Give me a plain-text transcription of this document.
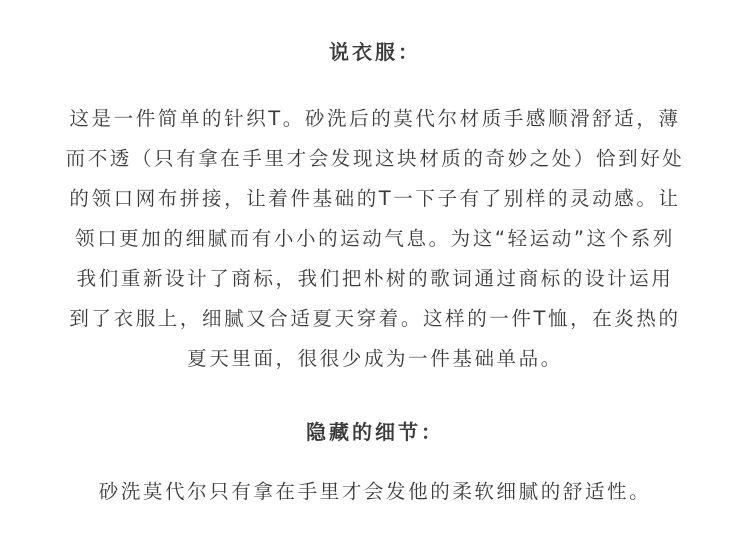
说衣服：
这是一件简单的针织T。砂洗后的莫代尔材质手感顺滑舒适，薄
而不透（只有拿在手里才会发现这块材质的奇妙之处）恰到好处
的领口网布拼接，让着件基础的T一下子有了别样的灵动感。让
领口更加的细腻而有小小的运动气息。为这“轻运动”这个系列
我们重新设计了商标，我们把朴树的歌词通过商标的设计运用
到了衣服上，细腻又合适夏天穿着。这样的一件T恤，在炎热的
夏天里面，很很少成为一件基础单品。
隐藏的细节：
砂洗莫代尔只有拿在手里才会发他的柔软细腻的舒适性。
